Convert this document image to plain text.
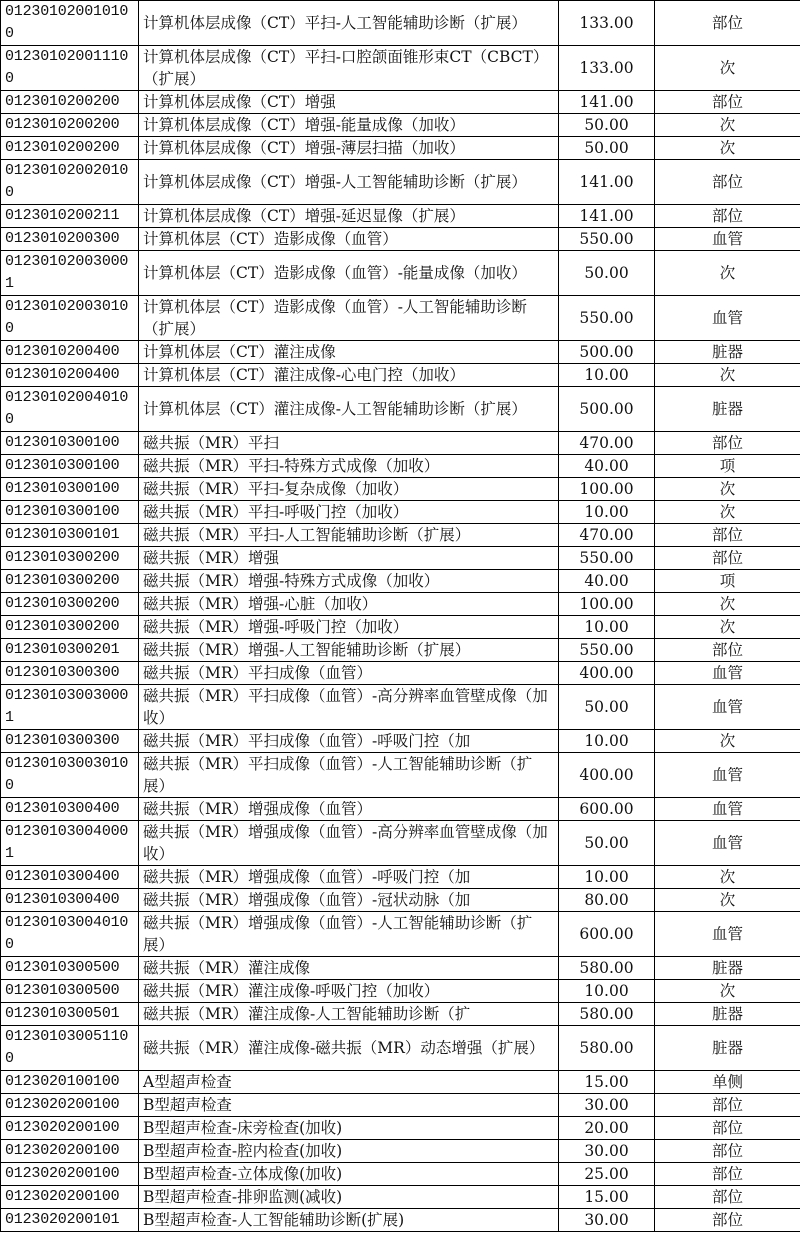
012301020010100	计算机体层成像（CT）平扫-人工智能辅助诊断（扩展）	133.00	部位
012301020011100	计算机体层成像（CT）平扫-口腔颌面锥形束CT（CBCT）（扩展）	133.00	次
0123010200200	计算机体层成像（CT）增强	141.00	部位
0123010200200	计算机体层成像（CT）增强-能量成像（加收）	50.00	次
0123010200200	计算机体层成像（CT）增强-薄层扫描（加收）	50.00	次
012301020020100	计算机体层成像（CT）增强-人工智能辅助诊断（扩展）	141.00	部位
0123010200211	计算机体层成像（CT）增强-延迟显像（扩展）	141.00	部位
0123010200300	计算机体层（CT）造影成像（血管）	550.00	血管
012301020030001	计算机体层（CT）造影成像（血管）-能量成像（加收）	50.00	次
012301020030100	计算机体层（CT）造影成像（血管）-人工智能辅助诊断（扩展）	550.00	血管
0123010200400	计算机体层（CT）灌注成像	500.00	脏器
0123010200400	计算机体层（CT）灌注成像-心电门控（加收）	10.00	次
012301020040100	计算机体层（CT）灌注成像-人工智能辅助诊断（扩展）	500.00	脏器
0123010300100	磁共振（MR）平扫	470.00	部位
0123010300100	磁共振（MR）平扫-特殊方式成像（加收）	40.00	项
0123010300100	磁共振（MR）平扫-复杂成像（加收）	100.00	次
0123010300100	磁共振（MR）平扫-呼吸门控（加收）	10.00	次
0123010300101	磁共振（MR）平扫-人工智能辅助诊断（扩展）	470.00	部位
0123010300200	磁共振（MR）增强	550.00	部位
0123010300200	磁共振（MR）增强-特殊方式成像（加收）	40.00	项
0123010300200	磁共振（MR）增强-心脏（加收）	100.00	次
0123010300200	磁共振（MR）增强-呼吸门控（加收）	10.00	次
0123010300201	磁共振（MR）增强-人工智能辅助诊断（扩展）	550.00	部位
0123010300300	磁共振（MR）平扫成像（血管）	400.00	血管
012301030030001	磁共振（MR）平扫成像（血管）-高分辨率血管壁成像（加收）	50.00	血管
0123010300300	磁共振（MR）平扫成像（血管）-呼吸门控（加	10.00	次
012301030030100	磁共振（MR）平扫成像（血管）-人工智能辅助诊断（扩展）	400.00	血管
0123010300400	磁共振（MR）增强成像（血管）	600.00	血管
012301030040001	磁共振（MR）增强成像（血管）-高分辨率血管壁成像（加收）	50.00	血管
0123010300400	磁共振（MR）增强成像（血管）-呼吸门控（加	10.00	次
0123010300400	磁共振（MR）增强成像（血管）-冠状动脉（加	80.00	次
012301030040100	磁共振（MR）增强成像（血管）-人工智能辅助诊断（扩展）	600.00	血管
0123010300500	磁共振（MR）灌注成像	580.00	脏器
0123010300500	磁共振（MR）灌注成像-呼吸门控（加收）	10.00	次
0123010300501	磁共振（MR）灌注成像-人工智能辅助诊断（扩	580.00	脏器
012301030051100	磁共振（MR）灌注成像-磁共振（MR）动态增强（扩展）	580.00	脏器
0123020100100	A型超声检查	15.00	单侧
0123020200100	B型超声检查	30.00	部位
0123020200100	B型超声检查-床旁检查(加收)	20.00	部位
0123020200100	B型超声检查-腔内检查(加收)	30.00	部位
0123020200100	B型超声检查-立体成像(加收)	25.00	部位
0123020200100	B型超声检查-排卵监测(减收)	15.00	部位
0123020200101	B型超声检查-人工智能辅助诊断(扩展)	30.00	部位
